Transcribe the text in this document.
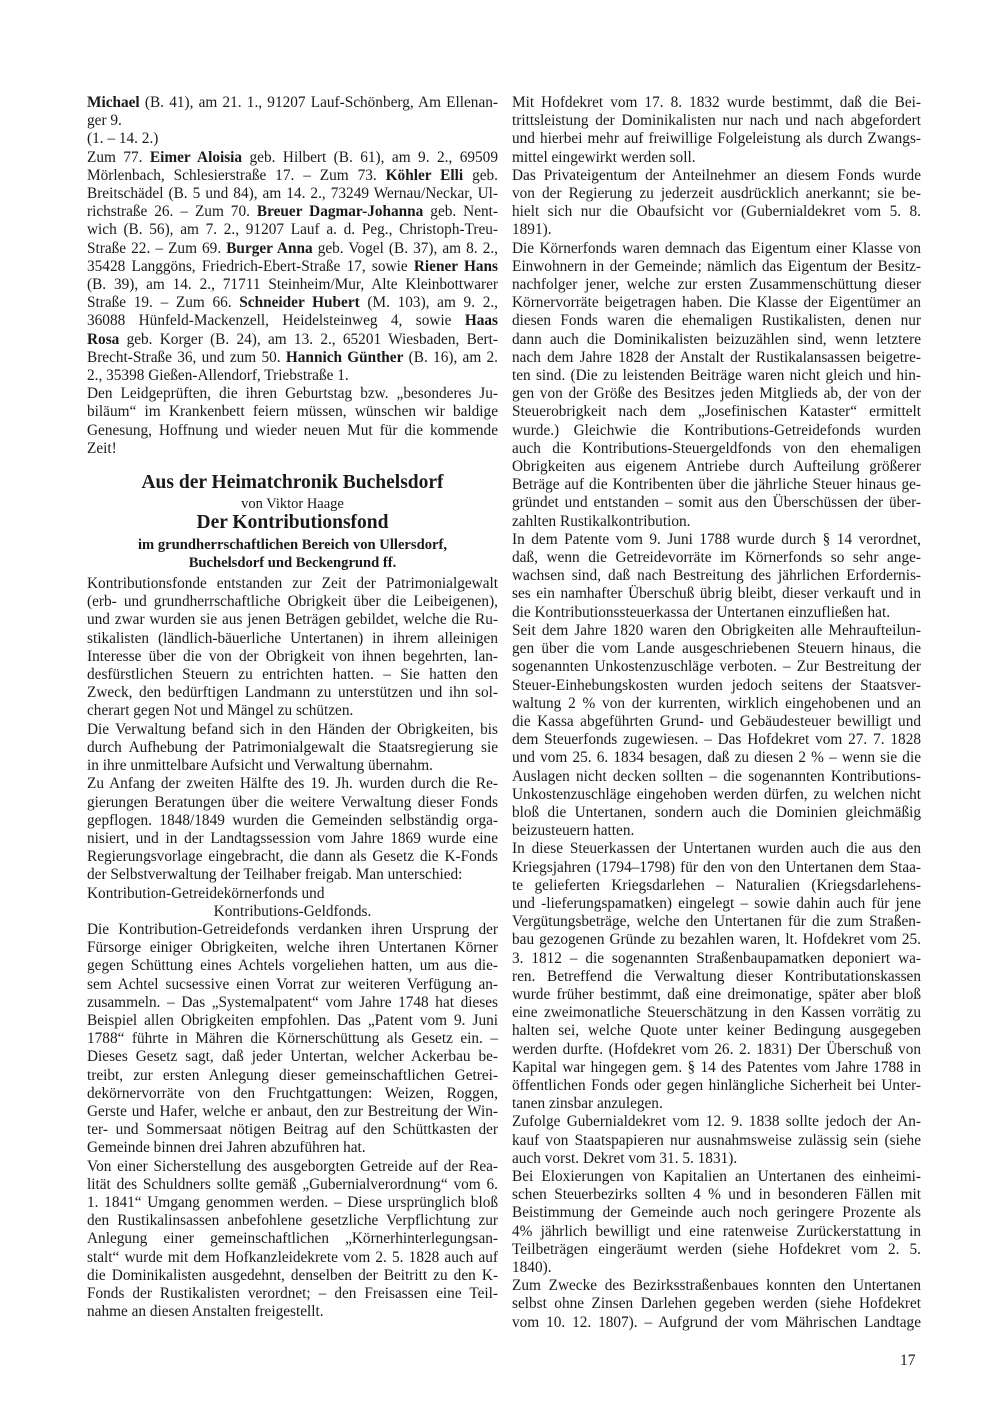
Michael (B. 41), am 21. 1., 91207 Lauf-Schönberg, Am Ellenan-
ger 9.
(1. – 14. 2.)
Zum 77. Eimer Aloisia geb. Hilbert (B. 61), am 9. 2., 69509
Mörlenbach, Schlesierstraße 17. – Zum 73. Köhler Elli geb.
Breitschädel (B. 5 und 84), am 14. 2., 73249 Wernau/Neckar, Ul-
richstraße 26. – Zum 70. Breuer Dagmar-Johanna geb. Nent-
wich (B. 56), am 7. 2., 91207 Lauf a. d. Peg., Christoph-Treu-
Straße 22. – Zum 69. Burger Anna geb. Vogel (B. 37), am 8. 2.,
35428 Langgöns, Friedrich-Ebert-Straße 17, sowie Riener Hans
(B. 39), am 14. 2., 71711 Steinheim/Mur, Alte Kleinbottwarer
Straße 19. – Zum 66. Schneider Hubert (M. 103), am 9. 2.,
36088 Hünfeld-Mackenzell, Heidelsteinweg 4, sowie Haas
Rosa geb. Korger (B. 24), am 13. 2., 65201 Wiesbaden, Bert-
Brecht-Straße 36, und zum 50. Hannich Günther (B. 16), am 2.
2., 35398 Gießen-Allendorf, Triebstraße 1.
Den Leidgeprüften, die ihren Geburtstag bzw. „besonderes Ju-
biläum“ im Krankenbett feiern müssen, wünschen wir baldige
Genesung, Hoffnung und wieder neuen Mut für die kommende
Zeit!
Aus der Heimatchronik Buchelsdorf
von Viktor Haage
Der Kontributionsfond
im grundherrschaftlichen Bereich von Ullersdorf,
Buchelsdorf und Beckengrund ff.
Kontributionsfonde entstanden zur Zeit der Patrimonialgewalt
(erb- und grundherrschaftliche Obrigkeit über die Leibeigenen),
und zwar wurden sie aus jenen Beträgen gebildet, welche die Ru-
stikalisten (ländlich-bäuerliche Untertanen) in ihrem alleinigen
Interesse über die von der Obrigkeit von ihnen begehrten, lan-
desfürstlichen Steuern zu entrichten hatten. – Sie hatten den
Zweck, den bedürftigen Landmann zu unterstützen und ihn sol-
cherart gegen Not und Mängel zu schützen.
Die Verwaltung befand sich in den Händen der Obrigkeiten, bis
durch Aufhebung der Patrimonialgewalt die Staatsregierung sie
in ihre unmittelbare Aufsicht und Verwaltung übernahm.
Zu Anfang der zweiten Hälfte des 19. Jh. wurden durch die Re-
gierungen Beratungen über die weitere Verwaltung dieser Fonds
gepflogen. 1848/1849 wurden die Gemeinden selbständig orga-
nisiert, und in der Landtagssession vom Jahre 1869 wurde eine
Regierungsvorlage eingebracht, die dann als Gesetz die K-Fonds
der Selbstverwaltung der Teilhaber freigab. Man unterschied:
Kontribution-Getreidekörnerfonds und
Kontributions-Geldfonds.
Die Kontribution-Getreidefonds verdanken ihren Ursprung der
Fürsorge einiger Obrigkeiten, welche ihren Untertanen Körner
gegen Schüttung eines Achtels vorgeliehen hatten, um aus die-
sem Achtel sucsessive einen Vorrat zur weiteren Verfügung an-
zusammeln. – Das „Systemalpatent“ vom Jahre 1748 hat dieses
Beispiel allen Obrigkeiten empfohlen. Das „Patent vom 9. Juni
1788“ führte in Mähren die Körnerschüttung als Gesetz ein. –
Dieses Gesetz sagt, daß jeder Untertan, welcher Ackerbau be-
treibt, zur ersten Anlegung dieser gemeinschaftlichen Getrei-
dekörnervorräte von den Fruchtgattungen: Weizen, Roggen,
Gerste und Hafer, welche er anbaut, den zur Bestreitung der Win-
ter- und Sommersaat nötigen Beitrag auf den Schüttkasten der
Gemeinde binnen drei Jahren abzuführen hat.
Von einer Sicherstellung des ausgeborgten Getreide auf der Rea-
lität des Schuldners sollte gemäß „Gubernialverordnung“ vom 6.
1. 1841“ Umgang genommen werden. – Diese ursprünglich bloß
den Rustikalinsassen anbefohlene gesetzliche Verpflichtung zur
Anlegung einer gemeinschaftlichen „Körnerhinterlegungsan-
stalt“ wurde mit dem Hofkanzleidekrete vom 2. 5. 1828 auch auf
die Dominikalisten ausgedehnt, denselben der Beitritt zu den K-
Fonds der Rustikalisten verordnet; – den Freisassen eine Teil-
nahme an diesen Anstalten freigestellt.
Mit Hofdekret vom 17. 8. 1832 wurde bestimmt, daß die Bei-
trittsleistung der Dominikalisten nur nach und nach abgefordert
und hierbei mehr auf freiwillige Folgeleistung als durch Zwangs-
mittel eingewirkt werden soll.
Das Privateigentum der Anteilnehmer an diesem Fonds wurde
von der Regierung zu jederzeit ausdrücklich anerkannt; sie be-
hielt sich nur die Obaufsicht vor (Gubernialdekret vom 5. 8.
1891).
Die Körnerfonds waren demnach das Eigentum einer Klasse von
Einwohnern in der Gemeinde; nämlich das Eigentum der Besitz-
nachfolger jener, welche zur ersten Zusammenschüttung dieser
Körnervorräte beigetragen haben. Die Klasse der Eigentümer an
diesen Fonds waren die ehemaligen Rustikalisten, denen nur
dann auch die Dominikalisten beizuzählen sind, wenn letztere
nach dem Jahre 1828 der Anstalt der Rustikalansassen beigetre-
ten sind. (Die zu leistenden Beiträge waren nicht gleich und hin-
gen von der Größe des Besitzes jeden Mitglieds ab, der von der
Steuerobrigkeit nach dem „Josefinischen Kataster“ ermittelt
wurde.) Gleichwie die Kontributions-Getreidefonds wurden
auch die Kontributions-Steuergeldfonds von den ehemaligen
Obrigkeiten aus eigenem Antriebe durch Aufteilung größerer
Beträge auf die Kontribenten über die jährliche Steuer hinaus ge-
gründet und entstanden – somit aus den Überschüssen der über-
zahlten Rustikalkontribution.
In dem Patente vom 9. Juni 1788 wurde durch § 14 verordnet,
daß, wenn die Getreidevorräte im Körnerfonds so sehr ange-
wachsen sind, daß nach Bestreitung des jährlichen Erfordernis-
ses ein namhafter Überschuß übrig bleibt, dieser verkauft und in
die Kontributionssteuerkassa der Untertanen einzufließen hat.
Seit dem Jahre 1820 waren den Obrigkeiten alle Mehraufteilun-
gen über die vom Lande ausgeschriebenen Steuern hinaus, die
sogenannten Unkostenzuschläge verboten. – Zur Bestreitung der
Steuer-Einhebungskosten wurden jedoch seitens der Staatsver-
waltung 2 % von der kurrenten, wirklich eingehobenen und an
die Kassa abgeführten Grund- und Gebäudesteuer bewilligt und
dem Steuerfonds zugewiesen. – Das Hofdekret vom 27. 7. 1828
und vom 25. 6. 1834 besagen, daß zu diesen 2 % – wenn sie die
Auslagen nicht decken sollten – die sogenannten Kontributions-
Unkostenzuschläge eingehoben werden dürfen, zu welchen nicht
bloß die Untertanen, sondern auch die Dominien gleichmäßig
beizusteuern hatten.
In diese Steuerkassen der Untertanen wurden auch die aus den
Kriegsjahren (1794–1798) für den von den Untertanen dem Staa-
te gelieferten Kriegsdarlehen – Naturalien (Kriegsdarlehens-
und -lieferungspamatken) eingelegt – sowie dahin auch für jene
Vergütungsbeträge, welche den Untertanen für die zum Straßen-
bau gezogenen Gründe zu bezahlen waren, lt. Hofdekret vom 25.
3. 1812 – die sogenannten Straßenbaupamatken deponiert wa-
ren. Betreffend die Verwaltung dieser Kontributationskassen
wurde früher bestimmt, daß eine dreimonatige, später aber bloß
eine zweimonatliche Steuerschätzung in den Kassen vorrätig zu
halten sei, welche Quote unter keiner Bedingung ausgegeben
werden durfte. (Hofdekret vom 26. 2. 1831) Der Überschuß von
Kapital war hingegen gem. § 14 des Patentes vom Jahre 1788 in
öffentlichen Fonds oder gegen hinlängliche Sicherheit bei Unter-
tanen zinsbar anzulegen.
Zufolge Gubernialdekret vom 12. 9. 1838 sollte jedoch der An-
kauf von Staatspapieren nur ausnahmsweise zulässig sein (siehe
auch vorst. Dekret vom 31. 5. 1831).
Bei Eloxierungen von Kapitalien an Untertanen des einheimi-
schen Steuerbezirks sollten 4 % und in besonderen Fällen mit
Beistimmung der Gemeinde auch noch geringere Prozente als
4% jährlich bewilligt und eine ratenweise Zurückerstattung in
Teilbeträgen eingeräumt werden (siehe Hofdekret vom 2. 5.
1840).
Zum Zwecke des Bezirksstraßenbaues konnten den Untertanen
selbst ohne Zinsen Darlehen gegeben werden (siehe Hofdekret
vom 10. 12. 1807). – Aufgrund der vom Mährischen Landtage
17
